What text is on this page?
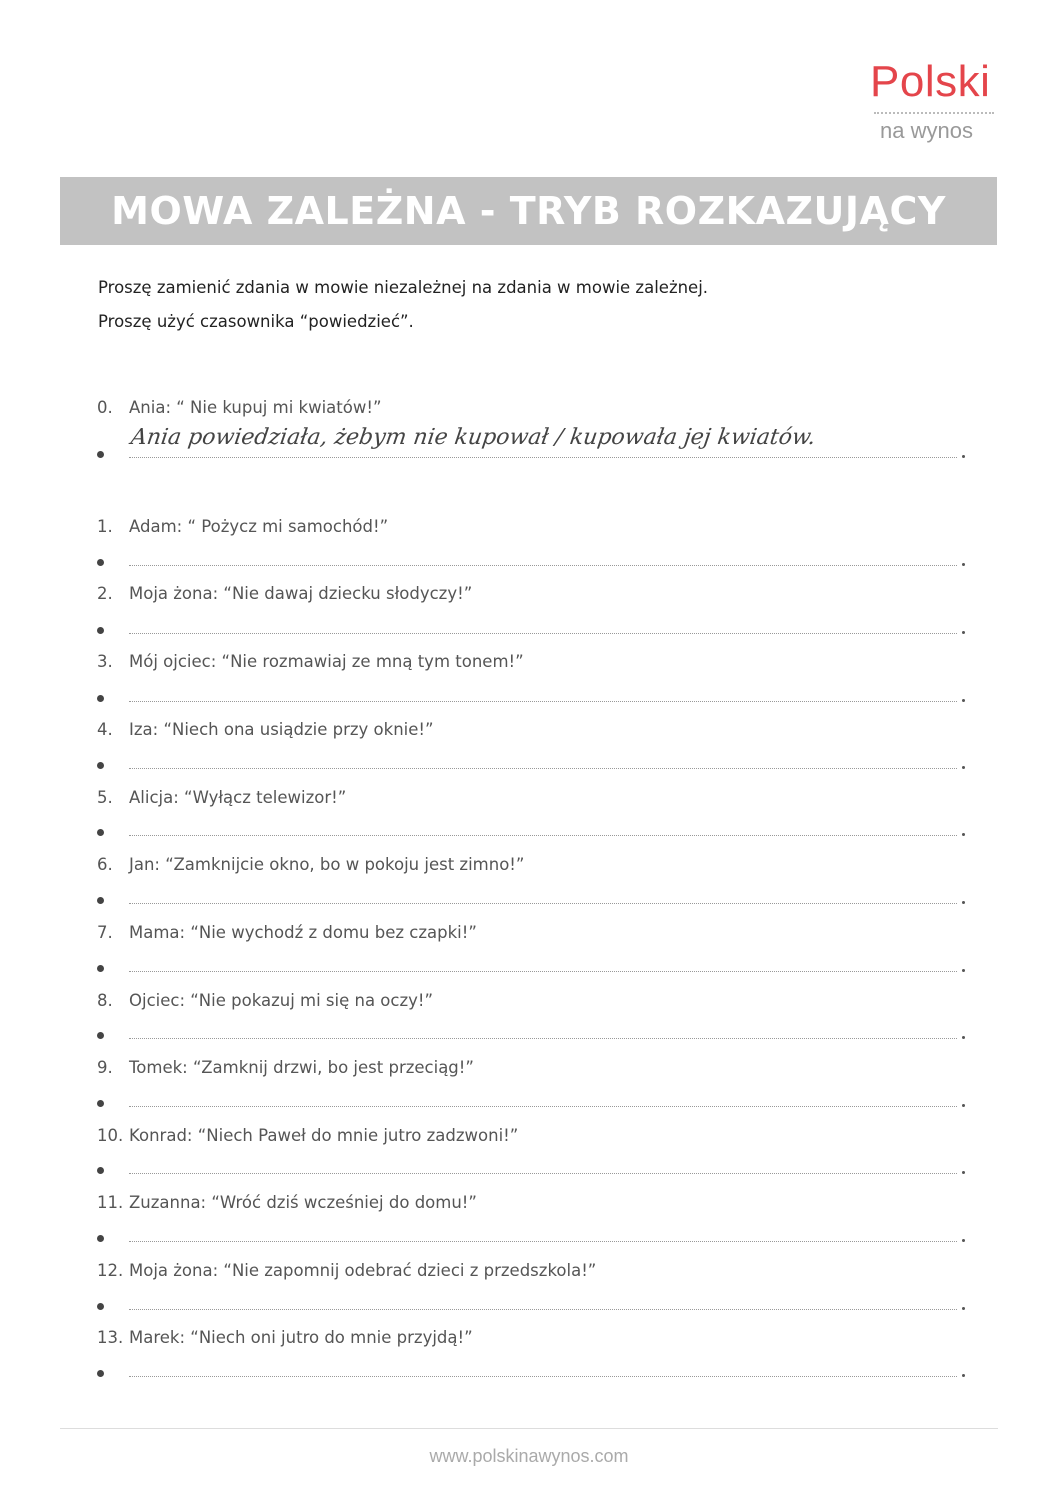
Polski
na wynos
MOWA ZALEŻNA - TRYB ROZKAZUJĄCY
Proszę zamienić zdania w mowie niezależnej na zdania w mowie zależnej.
Proszę użyć czasownika “powiedzieć”.
0. Ania: “ Nie kupuj mi kwiatów!”
Ania powiedziała, żebym nie kupował / kupowała jej kwiatów.
1. Adam: “ Pożycz mi samochód!”
2. Moja żona: “Nie dawaj dziecku słodyczy!”
3. Mój ojciec: “Nie rozmawiaj ze mną tym tonem!”
4. Iza: “Niech ona usiądzie przy oknie!”
5. Alicja: “Wyłącz telewizor!”
6. Jan: “Zamknijcie okno, bo w pokoju jest zimno!”
7. Mama: “Nie wychodź z domu bez czapki!”
8. Ojciec: “Nie pokazuj mi się na oczy!”
9. Tomek: “Zamknij drzwi, bo jest przeciąg!”
10. Konrad: “Niech Paweł do mnie jutro zadzwoni!”
11. Zuzanna: “Wróć dziś wcześniej do domu!”
12. Moja żona: “Nie zapomnij odebrać dzieci z przedszkola!”
13. Marek: “Niech oni jutro do mnie przyjdą!”
www.polskinawynos.com
